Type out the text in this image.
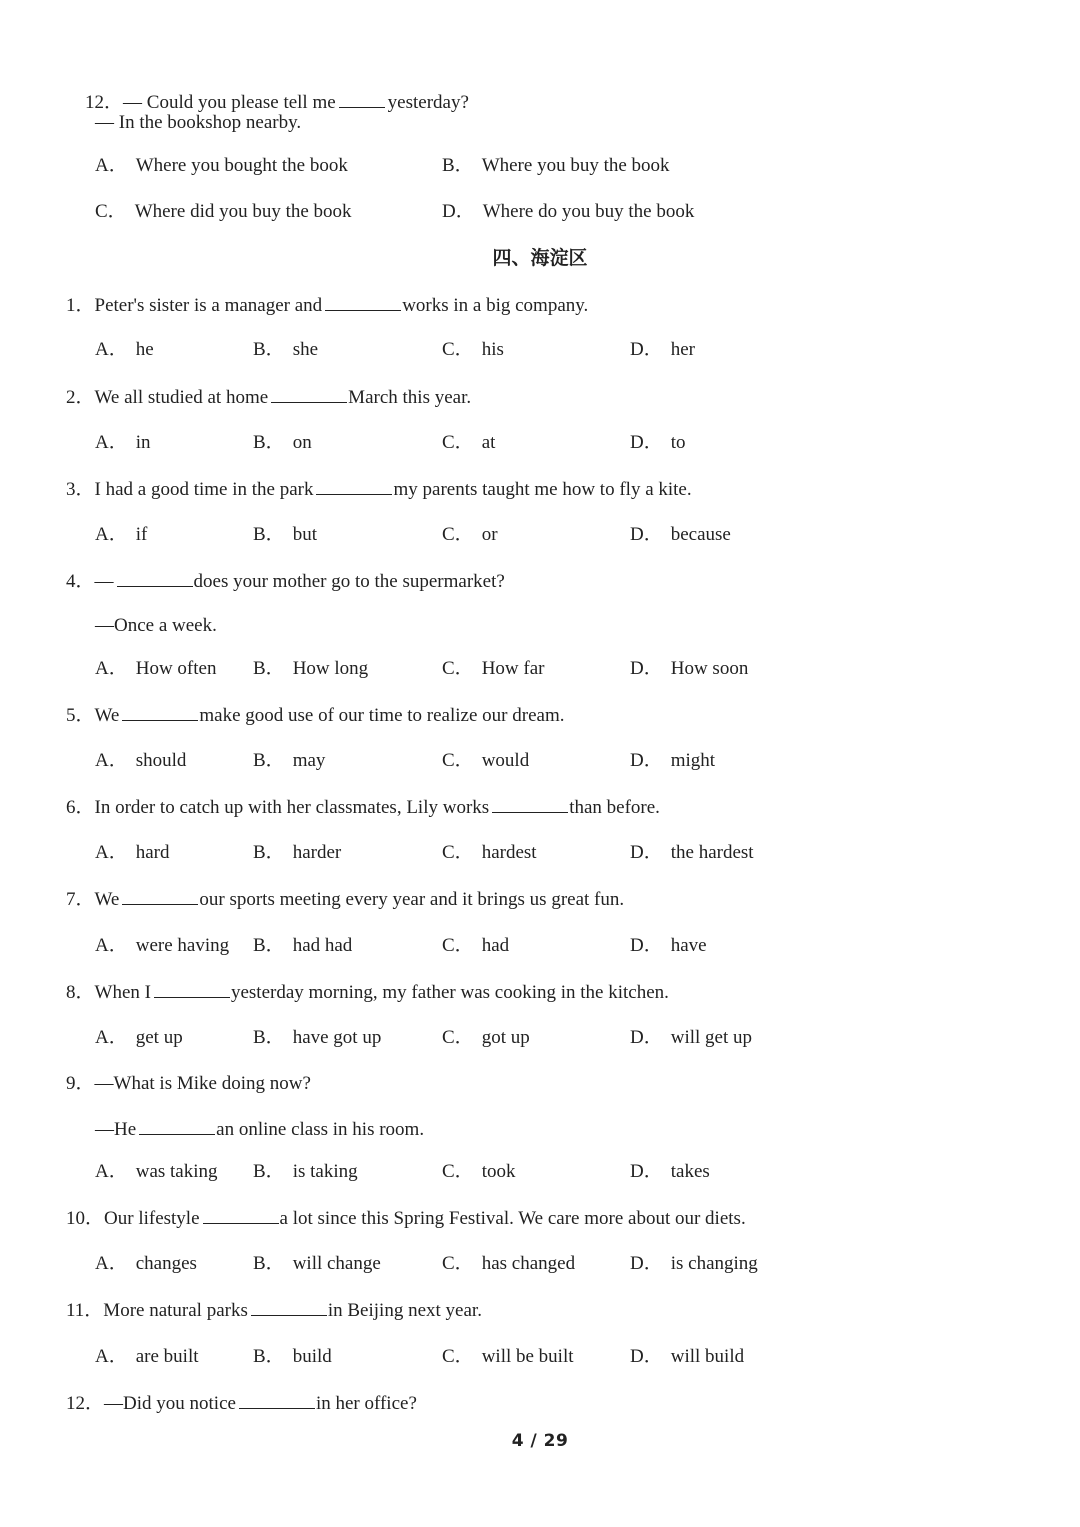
12．— Could you please tell me	yesterday?

— In the bookshop nearby.
A． Where you bought the book	B． Where you buy the book
C． Where did you buy the book	D． Where do you buy the book
四、海淀区
1．Peter's sister is a manager and	works in a big company.
A． he	B． she	C． his	D． her
2．We all studied at home	March this year.
A． in	B． on	C． at	D． to
3．I had a good time in the park	my parents taught me how to fly a kite.
A． if	B． but	C． or	D． because
4．—	does your mother go to the supermarket?
—Once a week.
A． How often B． How long	C． How far	D． How soon
5．We	make good use of our time to realize our dream.
A． should	B． may	C． would	D． might
6．In order to catch up with her classmates, Lily works	than before.
A． hard	B． harder	C． hardest	D． the hardest
7．We	our sports meeting every year and it brings us great fun.
A． were having B． had had	C． had	D． have
8．When I	yesterday morning, my father was cooking in the kitchen.
A． get up	B． have got up	C． got up	D． will get up
9．—What is Mike doing now?
—He	an online class in his room.
A． was taking B． is taking	C． took	D． takes
10．Our lifestyle	a lot since this Spring Festival. We care more about our diets.
A． changes	B． will change	C． has changed	D． is changing
11．More natural parks	in Beijing next year.
A． are built	B． build	C． will be built	D． will build
12．—Did you notice	in her office?
4 / 29
